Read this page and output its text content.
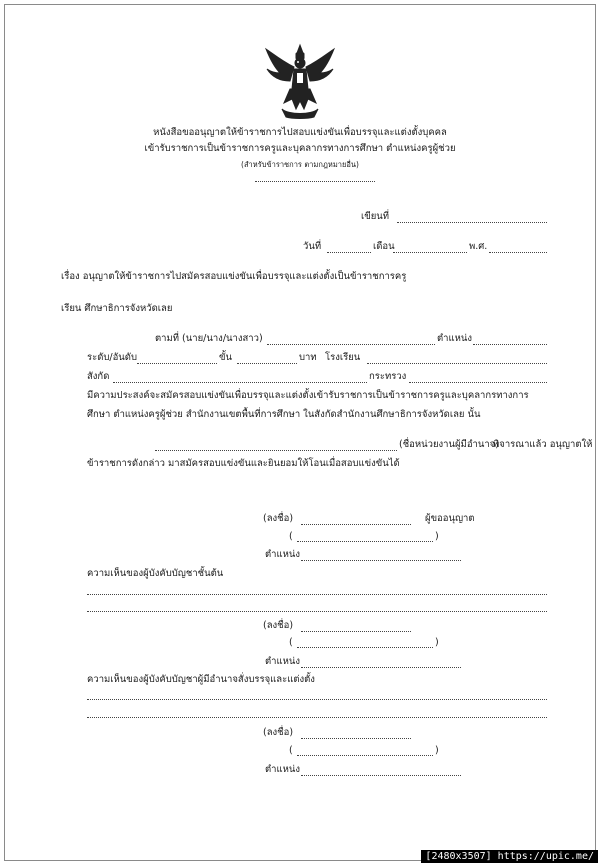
หนังสือขออนุญาตให้ข้าราชการไปสอบแข่งขันเพื่อบรรจุและแต่งตั้งบุคคล
เข้ารับราชการเป็นข้าราชการครูและบุคลากรทางการศึกษา ตำแหน่งครูผู้ช่วย
(สำหรับข้าราชการ ตามกฎหมายอื่น)
เขียนที่
วันที่	เดือน	พ.ศ.
เรื่อง อนุญาตให้ข้าราชการไปสมัครสอบแข่งขันเพื่อบรรจุและแต่งตั้งเป็นข้าราชการครู
เรียน ศึกษาธิการจังหวัดเลย
ตามที่ (นาย/นาง/นางสาว)	ตำแหน่ง
ระดับ/อันดับ	ขั้น	บาท โรงเรียน
สังกัด	กระทรวง
มีความประสงค์จะสมัครสอบแข่งขันเพื่อบรรจุและแต่งตั้งเข้ารับราชการเป็นข้าราชการครูและบุคลากรทางการ
ศึกษา ตำแหน่งครูผู้ช่วย สำนักงานเขตพื้นที่การศึกษา ในสังกัดสำนักงานศึกษาธิการจังหวัดเลย นั้น
(ชื่อหน่วยงานผู้มีอำนาจ)
พิจารณาแล้ว อนุญาตให้
ข้าราชการดังกล่าว มาสมัครสอบแข่งขันและยินยอมให้โอนเมื่อสอบแข่งขันได้
(ลงชื่อ)	ผู้ขออนุญาต
(	)
ตำแหน่ง
ความเห็นของผู้บังคับบัญชาชั้นต้น
(ลงชื่อ)
(	)
ตำแหน่ง
ความเห็นของผู้บังคับบัญชาผู้มีอำนาจสั่งบรรจุและแต่งตั้ง
(ลงชื่อ)
(	)
ตำแหน่ง
[2480x3507] https://upic.me/
